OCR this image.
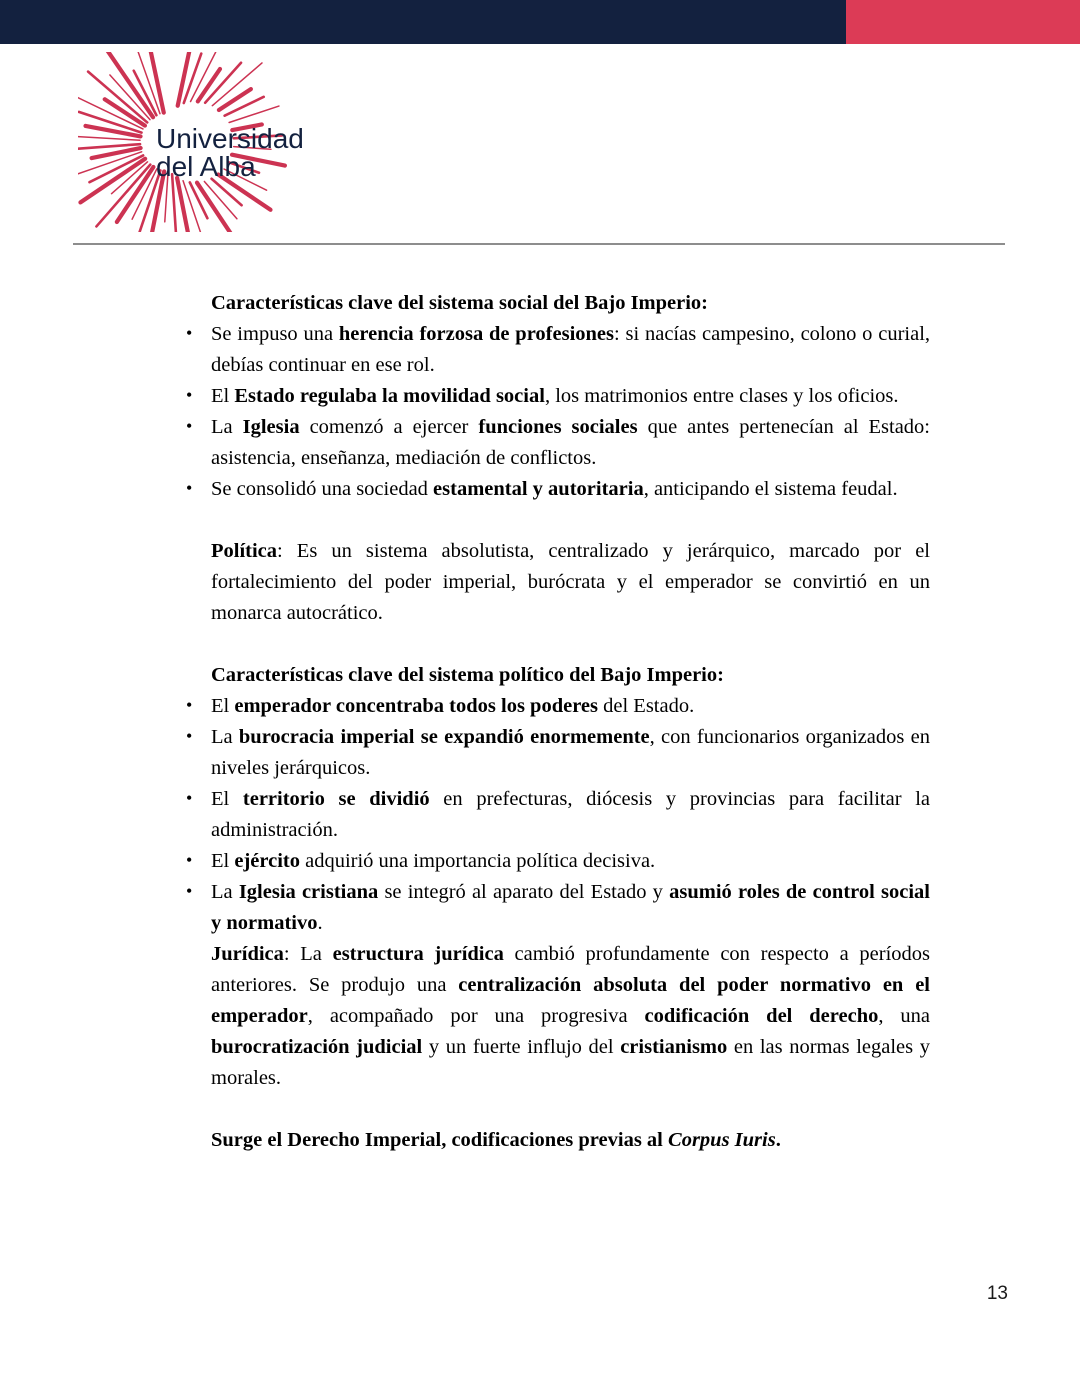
Universidad
del Alba

Características clave del sistema social del Bajo Imperio:

• Se impuso una herencia forzosa de profesiones: si nacías campesino, colono o curial, debías continuar en ese rol.
• El Estado regulaba la movilidad social, los matrimonios entre clases y los oficios.
• La Iglesia comenzó a ejercer funciones sociales que antes pertenecían al Estado: asistencia, enseñanza, mediación de conflictos.
• Se consolidó una sociedad estamental y autoritaria, anticipando el sistema feudal.

Política: Es un sistema absolutista, centralizado y jerárquico, marcado por el fortalecimiento del poder imperial, burócrata y el emperador se convirtió en un monarca autocrático.

Características clave del sistema político del Bajo Imperio:

• El emperador concentraba todos los poderes del Estado.
• La burocracia imperial se expandió enormemente, con funcionarios organizados en niveles jerárquicos.
• El territorio se dividió en prefecturas, diócesis y provincias para facilitar la administración.
• El ejército adquirió una importancia política decisiva.
• La Iglesia cristiana se integró al aparato del Estado y asumió roles de control social y normativo.

Jurídica: La estructura jurídica cambió profundamente con respecto a períodos anteriores. Se produjo una centralización absoluta del poder normativo en el emperador, acompañado por una progresiva codificación del derecho, una burocratización judicial y un fuerte influjo del cristianismo en las normas legales y morales.

Surge el Derecho Imperial, codificaciones previas al Corpus Iuris.

13
